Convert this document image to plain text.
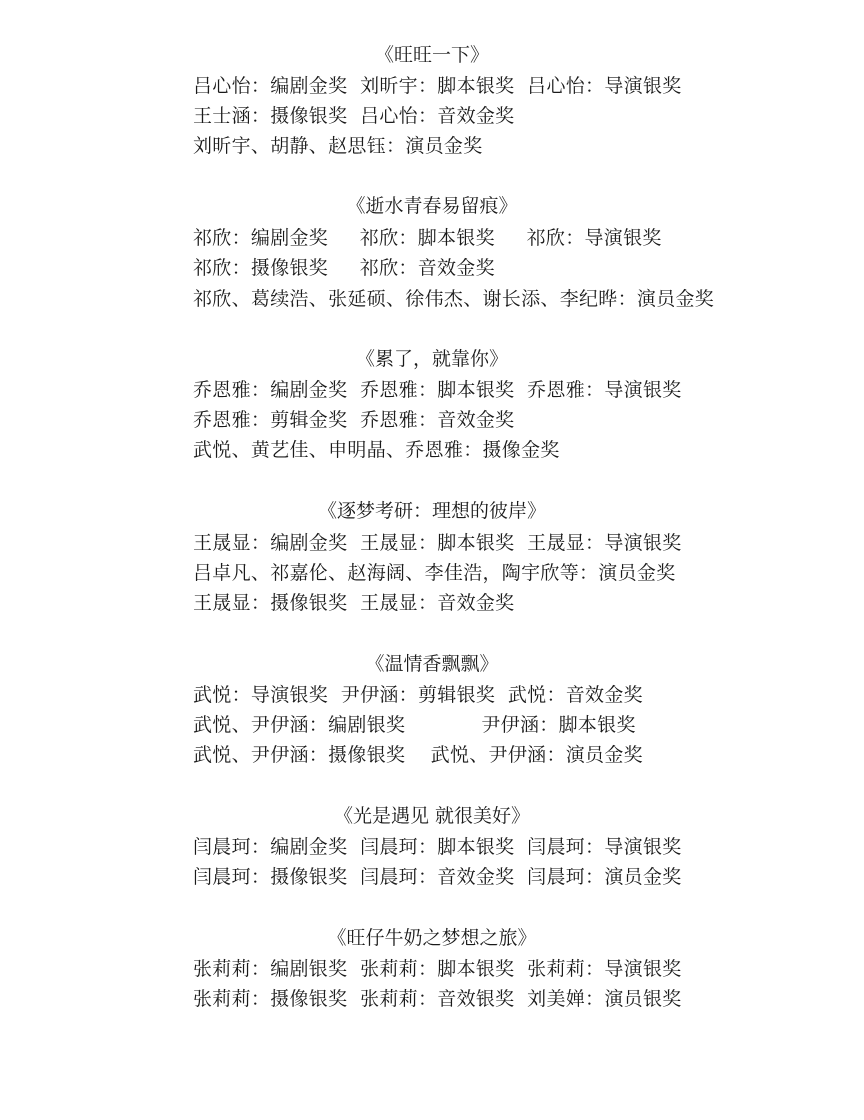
《旺旺一下》
吕心怡：编剧金奖  刘昕宇：脚本银奖  吕心怡：导演银奖
王士涵：摄像银奖  吕心怡：音效金奖
刘昕宇、胡静、赵思钰：演员金奖
《逝水青春易留痕》
祁欣：编剧金奖     祁欣：脚本银奖     祁欣：导演银奖
祁欣：摄像银奖     祁欣：音效金奖
祁欣、葛续浩、张延硕、徐伟杰、谢长添、李纪晔：演员金奖
《累了，就靠你》
乔恩雅：编剧金奖  乔恩雅：脚本银奖  乔恩雅：导演银奖
乔恩雅：剪辑金奖  乔恩雅：音效金奖
武悦、黄艺佳、申明晶、乔恩雅：摄像金奖
《逐梦考研：理想的彼岸》
王晟显：编剧金奖  王晟显：脚本银奖  王晟显：导演银奖
吕卓凡、祁嘉伦、赵海阔、李佳浩，陶宇欣等：演员金奖
王晟显：摄像银奖  王晟显：音效金奖
《温情香飘飘》
武悦：导演银奖  尹伊涵：剪辑银奖  武悦：音效金奖
武悦、尹伊涵：编剧银奖            尹伊涵：脚本银奖
武悦、尹伊涵：摄像银奖    武悦、尹伊涵：演员金奖
《光是遇见 就很美好》
闫晨珂：编剧金奖  闫晨珂：脚本银奖  闫晨珂：导演银奖
闫晨珂：摄像银奖  闫晨珂：音效金奖  闫晨珂：演员金奖
《旺仔牛奶之梦想之旅》
张莉莉：编剧银奖  张莉莉：脚本银奖  张莉莉：导演银奖
张莉莉：摄像银奖  张莉莉：音效银奖  刘美婵：演员银奖
